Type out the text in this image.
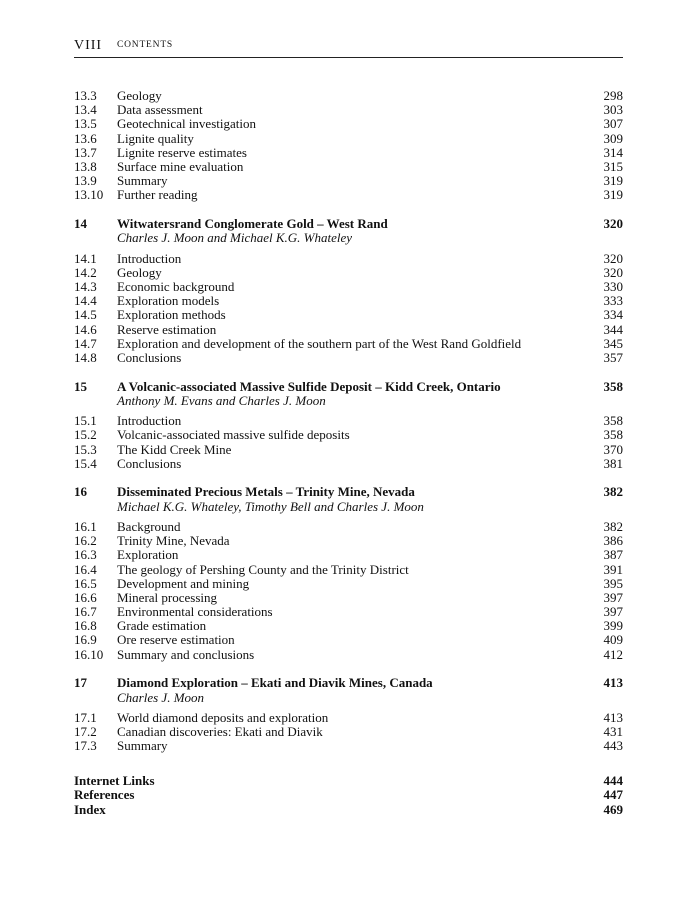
VIII CONTENTS
13.3 Geology	298
13.4 Data assessment	303
13.5 Geotechnical investigation	307
13.6 Lignite quality	309
13.7 Lignite reserve estimates	314
13.8 Surface mine evaluation	315
13.9 Summary	319
13.10 Further reading	319
14 Witwatersrand Conglomerate Gold – West Rand	320
Charles J. Moon and Michael K.G. Whateley
14.1 Introduction	320
14.2 Geology	320
14.3 Economic background	330
14.4 Exploration models	333
14.5 Exploration methods	334
14.6 Reserve estimation	344
14.7 Exploration and development of the southern part of the West Rand Goldfield	345
14.8 Conclusions	357
15 A Volcanic-associated Massive Sulfide Deposit – Kidd Creek, Ontario	358
Anthony M. Evans and Charles J. Moon
15.1 Introduction	358
15.2 Volcanic-associated massive sulfide deposits	358
15.3 The Kidd Creek Mine	370
15.4 Conclusions	381
16 Disseminated Precious Metals – Trinity Mine, Nevada	382
Michael K.G. Whateley, Timothy Bell and Charles J. Moon
16.1 Background	382
16.2 Trinity Mine, Nevada	386
16.3 Exploration	387
16.4 The geology of Pershing County and the Trinity District	391
16.5 Development and mining	395
16.6 Mineral processing	397
16.7 Environmental considerations	397
16.8 Grade estimation	399
16.9 Ore reserve estimation	409
16.10 Summary and conclusions	412
17 Diamond Exploration – Ekati and Diavik Mines, Canada	413
Charles J. Moon
17.1 World diamond deposits and exploration	413
17.2 Canadian discoveries: Ekati and Diavik	431
17.3 Summary	443
Internet Links	444
References	447
Index	469
